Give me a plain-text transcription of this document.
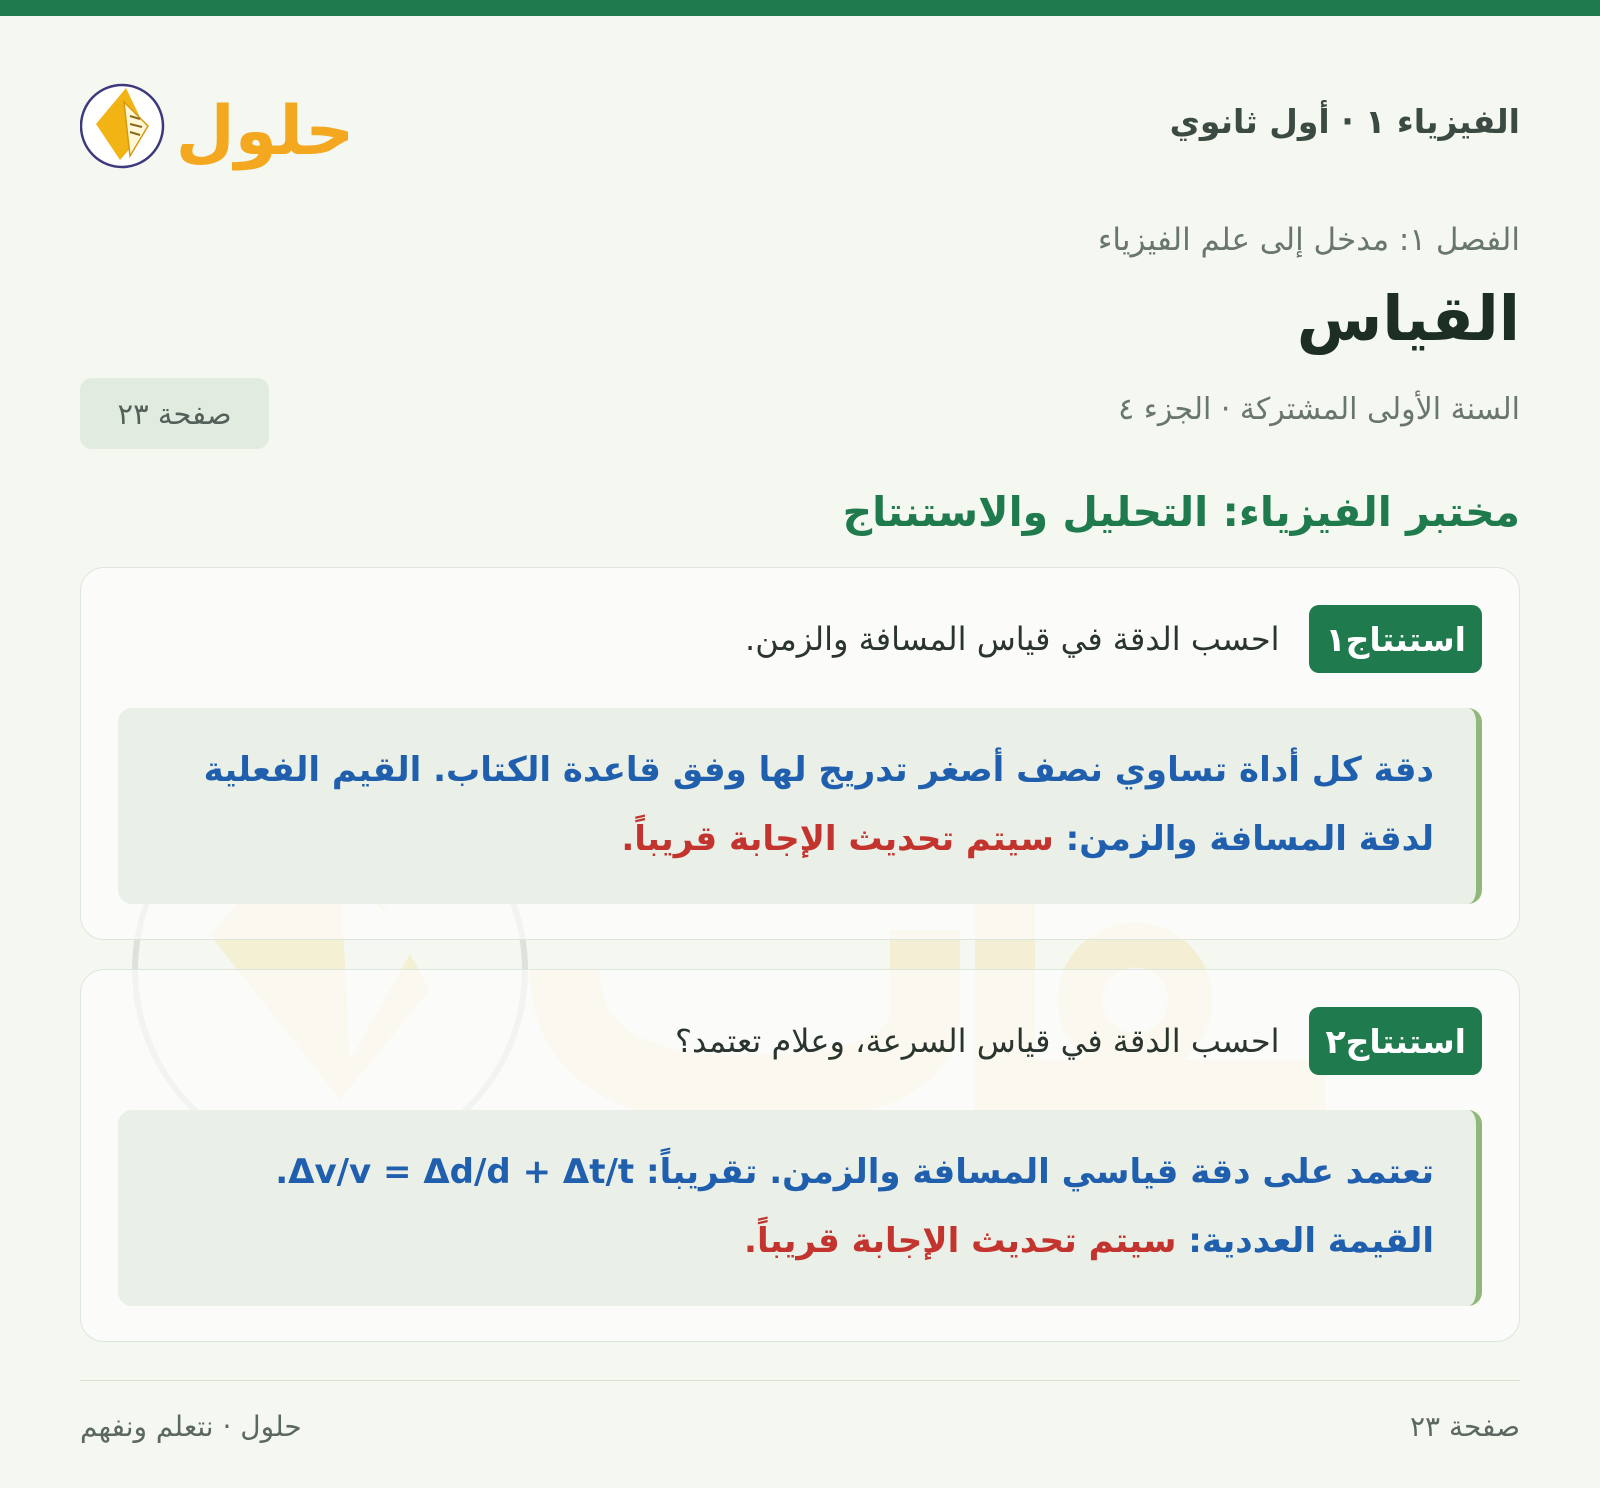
الفيزياء ١ · أول ثانوي
حلول
الفصل ١: مدخل إلى علم الفيزياء
القياس
السنة الأولى المشتركة · الجزء ٤
صفحة ٢٣
مختبر الفيزياء: التحليل والاستنتاج
استنتاج١
احسب الدقة في قياس المسافة والزمن.

دقة كل أداة تساوي نصف أصغر تدريج لها وفق قاعدة الكتاب. القيم الفعلية

لدقة المسافة والزمن: سيتم تحديث الإجابة قريباً.

استنتاج٢
احسب الدقة في قياس السرعة، وعلام تعتمد؟

تعتمد على دقة قياسي المسافة والزمن. تقريباً: Δv/v = Δd/d + Δt/t.

القيمة العددية: سيتم تحديث الإجابة قريباً.

صفحة ٢٣
حلول · نتعلم ونفهم
